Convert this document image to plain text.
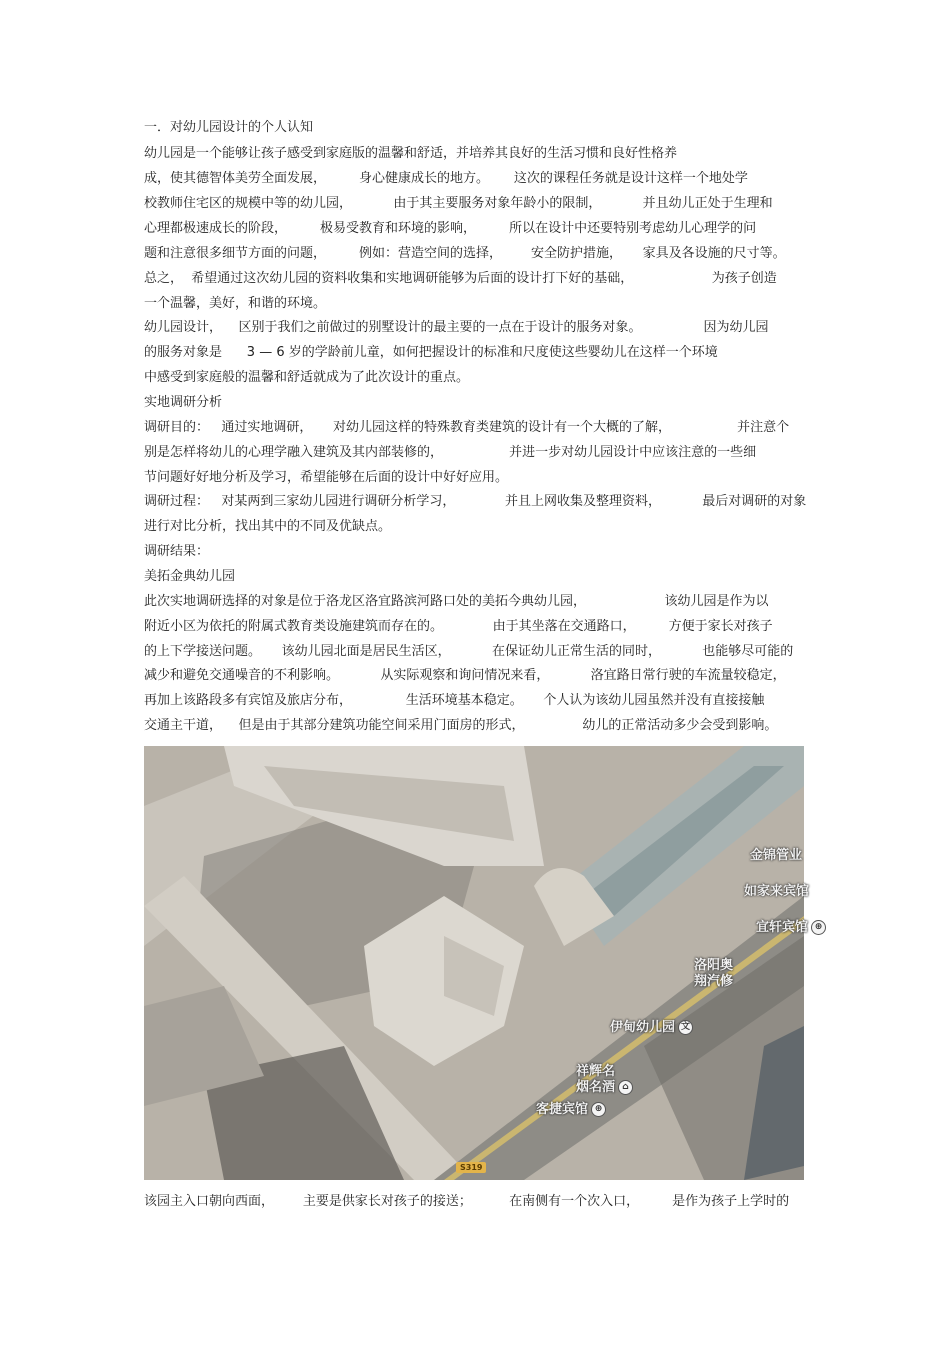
一．对幼儿园设计的个人认知
幼儿园是一个能够让孩子感受到家庭版的温馨和舒适，并培养其良好的生活习惯和良好性格养
成，使其德智体美劳全面发展，        身心健康成长的地方。      这次的课程任务就是设计这样一个地处学
校教师住宅区的规模中等的幼儿园，          由于其主要服务对象年龄小的限制，          并且幼儿正处于生理和
心理都极速成长的阶段，        极易受教育和环境的影响，        所以在设计中还要特别考虑幼儿心理学的问
题和注意很多细节方面的问题，        例如：营造空间的选择，       安全防护措施，     家具及各设施的尺寸等。
总之，  希望通过这次幼儿园的资料收集和实地调研能够为后面的设计打下好的基础，                   为孩子创造
一个温馨，美好，和谐的环境。
幼儿园设计，    区别于我们之前做过的别墅设计的最主要的一点在于设计的服务对象。               因为幼儿园
的服务对象是      3 — 6 岁的学龄前儿童，如何把握设计的标准和尺度使这些婴幼儿在这样一个环境
中感受到家庭般的温馨和舒适就成为了此次设计的重点。
实地调研分析
调研目的：   通过实地调研，     对幼儿园这样的特殊教育类建筑的设计有一个大概的了解，                并注意个
别是怎样将幼儿的心理学融入建筑及其内部装修的，                并进一步对幼儿园设计中应该注意的一些细
节问题好好地分析及学习，希望能够在后面的设计中好好应用。
调研过程：   对某两到三家幼儿园进行调研分析学习，            并且上网收集及整理资料，          最后对调研的对象
进行对比分析，找出其中的不同及优缺点。
调研结果：
美拓金典幼儿园
此次实地调研选择的对象是位于洛龙区洛宜路滨河路口处的美拓今典幼儿园，                   该幼儿园是作为以
附近小区为依托的附属式教育类设施建筑而存在的。            由于其坐落在交通路口，        方便于家长对孩子
的上下学接送问题。     该幼儿园北面是居民生活区，          在保证幼儿正常生活的同时，          也能够尽可能的
减少和避免交通噪音的不利影响。          从实际观察和询问情况来看，          洛宜路日常行驶的车流量较稳定，
再加上该路段多有宾馆及旅店分布，             生活环境基本稳定。     个人认为该幼儿园虽然并没有直接接触
交通主干道，    但是由于其部分建筑功能空间采用门面房的形式，              幼儿的正常活动多少会受到影响。
金锦管业
如家来宾馆
宜轩宾馆 ⊕
洛阳奥
翔汽修
伊甸幼儿园 文
祥辉名
烟名酒 ⌂
客捷宾馆 ⊕
S319
该园主入口朝向西面，       主要是供家长对孩子的接送；         在南侧有一个次入口，        是作为孩子上学时的
